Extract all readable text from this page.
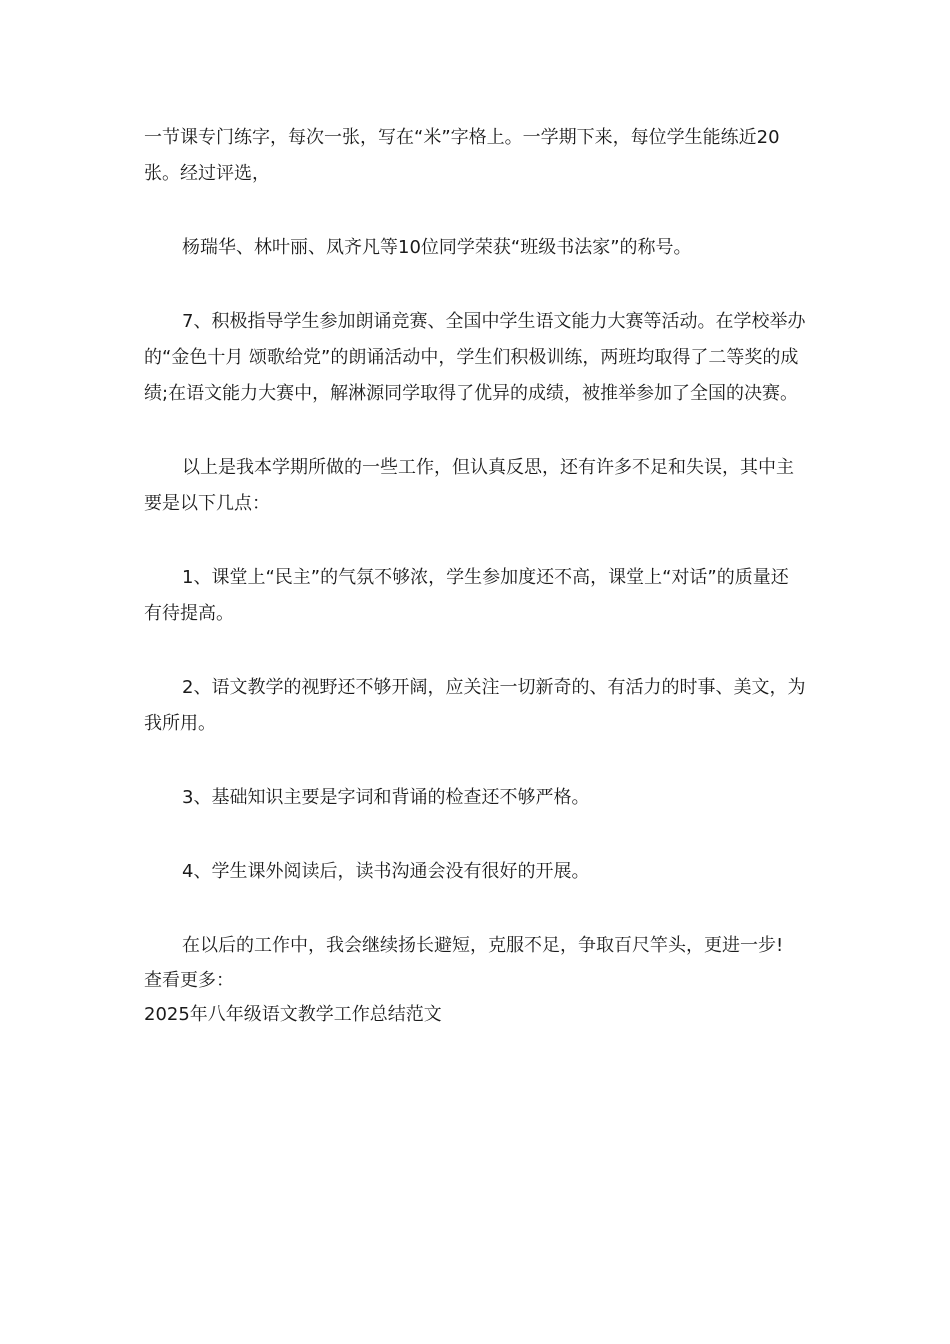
一节课专门练字，每次一张，写在“米”字格上。一学期下来，每位学生能练近20张。经过评选，

杨瑞华、林叶丽、凤齐凡等10位同学荣获“班级书法家”的称号。

7、积极指导学生参加朗诵竞赛、全国中学生语文能力大赛等活动。在学校举办的“金色十月 颂歌给党”的朗诵活动中，学生们积极训练，两班均取得了二等奖的成绩;在语文能力大赛中，解淋源同学取得了优异的成绩，被推举参加了全国的决赛。

以上是我本学期所做的一些工作，但认真反思，还有许多不足和失误，其中主要是以下几点：

1、课堂上“民主”的气氛不够浓，学生参加度还不高，课堂上“对话”的质量还有待提高。

2、语文教学的视野还不够开阔，应关注一切新奇的、有活力的时事、美文，为我所用。

3、基础知识主要是字词和背诵的检查还不够严格。

4、学生课外阅读后，读书沟通会没有很好的开展。

在以后的工作中，我会继续扬长避短，克服不足，争取百尺竿头，更进一步!

查看更多：

2025年八年级语文教学工作总结范文
